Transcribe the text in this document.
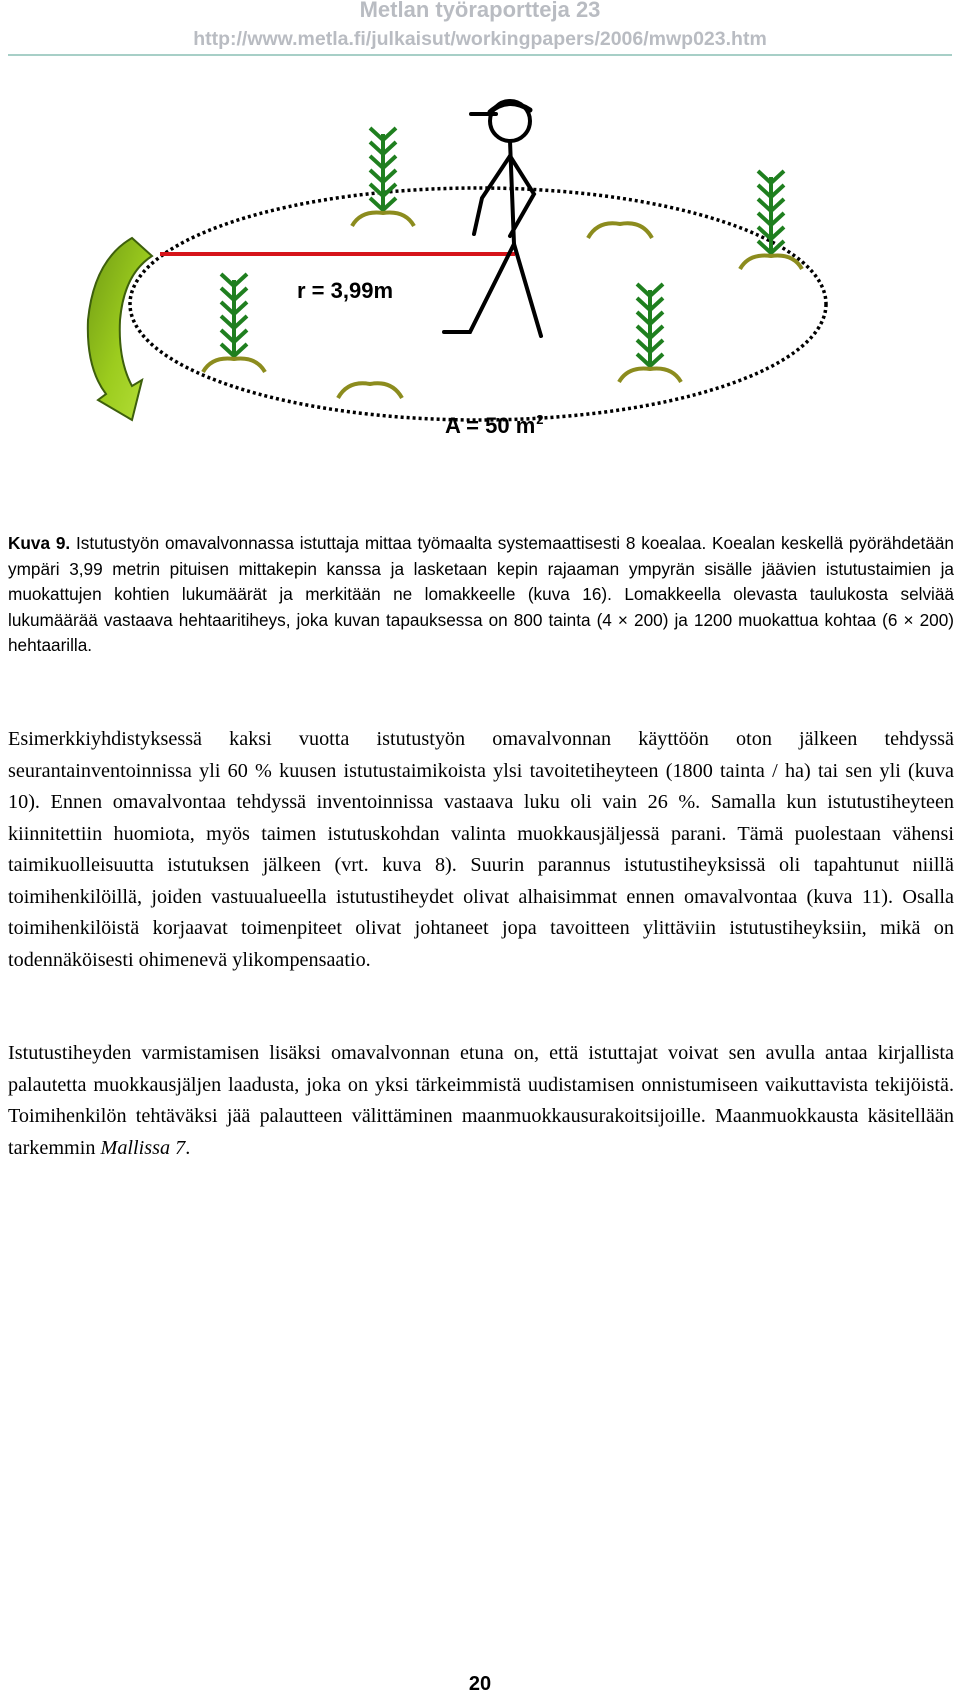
Metlan työraportteja 23
http://www.metla.fi/julkaisut/workingpapers/2006/mwp023.htm
r = 3,99m
A = 50 $m^2$
Kuva 9. Istutustyön omavalvonnassa istuttaja mittaa työmaalta systemaattisesti 8 koealaa. Koealan keskellä pyörähdetään ympäri 3,99 metrin pituisen mittakepin kanssa ja lasketaan kepin rajaaman ympyrän sisälle jäävien istutustaimien ja muokattujen kohtien lukumäärät ja merkitään ne lomakkeelle (kuva 16). Lomakkeella olevasta taulukosta selviää lukumäärää vastaava hehtaaritiheys, joka kuvan tapauksessa on 800 tainta (4 × 200) ja 1200 muokattua kohtaa (6 × 200) hehtaarilla.
Esimerkkiyhdistyksessä kaksi vuotta istutustyön omavalvonnan käyttöön oton jälkeen tehdyssä seurantainventoinnissa yli 60 % kuusen istutustaimikoista ylsi tavoitetiheyteen (1800 tainta / ha) tai sen yli (kuva 10). Ennen omavalvontaa tehdyssä inventoinnissa vastaava luku oli vain 26 %. Samalla kun istutustiheyteen kiinnitettiin huomiota, myös taimen istutuskohdan valinta muokkausjäljessä parani. Tämä puolestaan vähensi taimikuolleisuutta istutuksen jälkeen (vrt. kuva 8). Suurin parannus istutustiheyksissä oli tapahtunut niillä toimihenkilöillä, joiden vastuualueella istutustiheydet olivat alhaisimmat ennen omavalvontaa (kuva 11). Osalla toimihenkilöistä korjaavat toimenpiteet olivat johtaneet jopa tavoitteen ylittäviin istutustiheyksiin, mikä on todennäköisesti ohimenevä ylikompensaatio.
Istutustiheyden varmistamisen lisäksi omavalvonnan etuna on, että istuttajat voivat sen avulla antaa kirjallista palautetta muokkausjäljen laadusta, joka on yksi tärkeimmistä uudistamisen onnistumiseen vaikuttavista tekijöistä. Toimihenkilön tehtäväksi jää palautteen välittäminen maanmuokkausurakoitsijoille. Maanmuokkausta käsitellään tarkemmin Mallissa 7.
20
